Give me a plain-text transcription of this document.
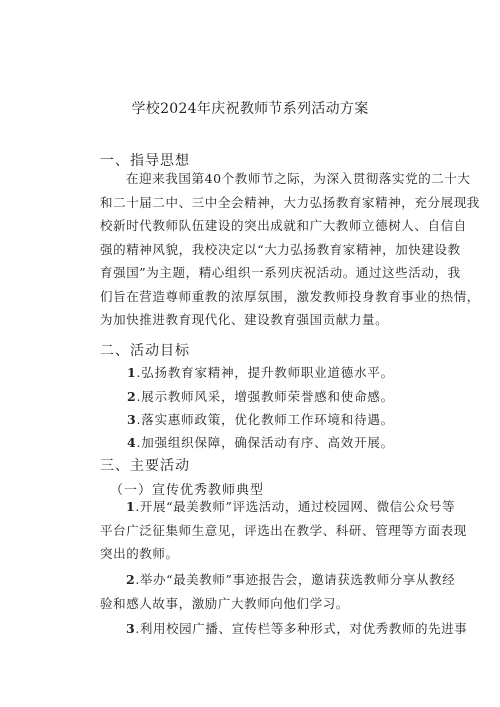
学校2024年庆祝教师节系列活动方案
一、指导思想
在迎来我国第40个教师节之际，为深入贯彻落实党的二十大
和二十届二中、三中全会精神，大力弘扬教育家精神，充分展现我
校新时代教师队伍建设的突出成就和广大教师立德树人、自信自
强的精神风貌，我校决定以“大力弘扬教育家精神，加快建设教
育强国”为主题，精心组织一系列庆祝活动。通过这些活动，我
们旨在营造尊师重教的浓厚氛围，激发教师投身教育事业的热情，
为加快推进教育现代化、建设教育强国贡献力量。
二、活动目标
1.弘扬教育家精神，提升教师职业道德水平。
2.展示教师风采，增强教师荣誉感和使命感。
3.落实惠师政策，优化教师工作环境和待遇。
4.加强组织保障，确保活动有序、高效开展。
三、主要活动
（一）宣传优秀教师典型
1.开展“最美教师”评选活动，通过校园网、微信公众号等
平台广泛征集师生意见，评选出在教学、科研、管理等方面表现
突出的教师。
2.举办“最美教师”事迹报告会，邀请获选教师分享从教经
验和感人故事，激励广大教师向他们学习。
3.利用校园广播、宣传栏等多种形式，对优秀教师的先进事
